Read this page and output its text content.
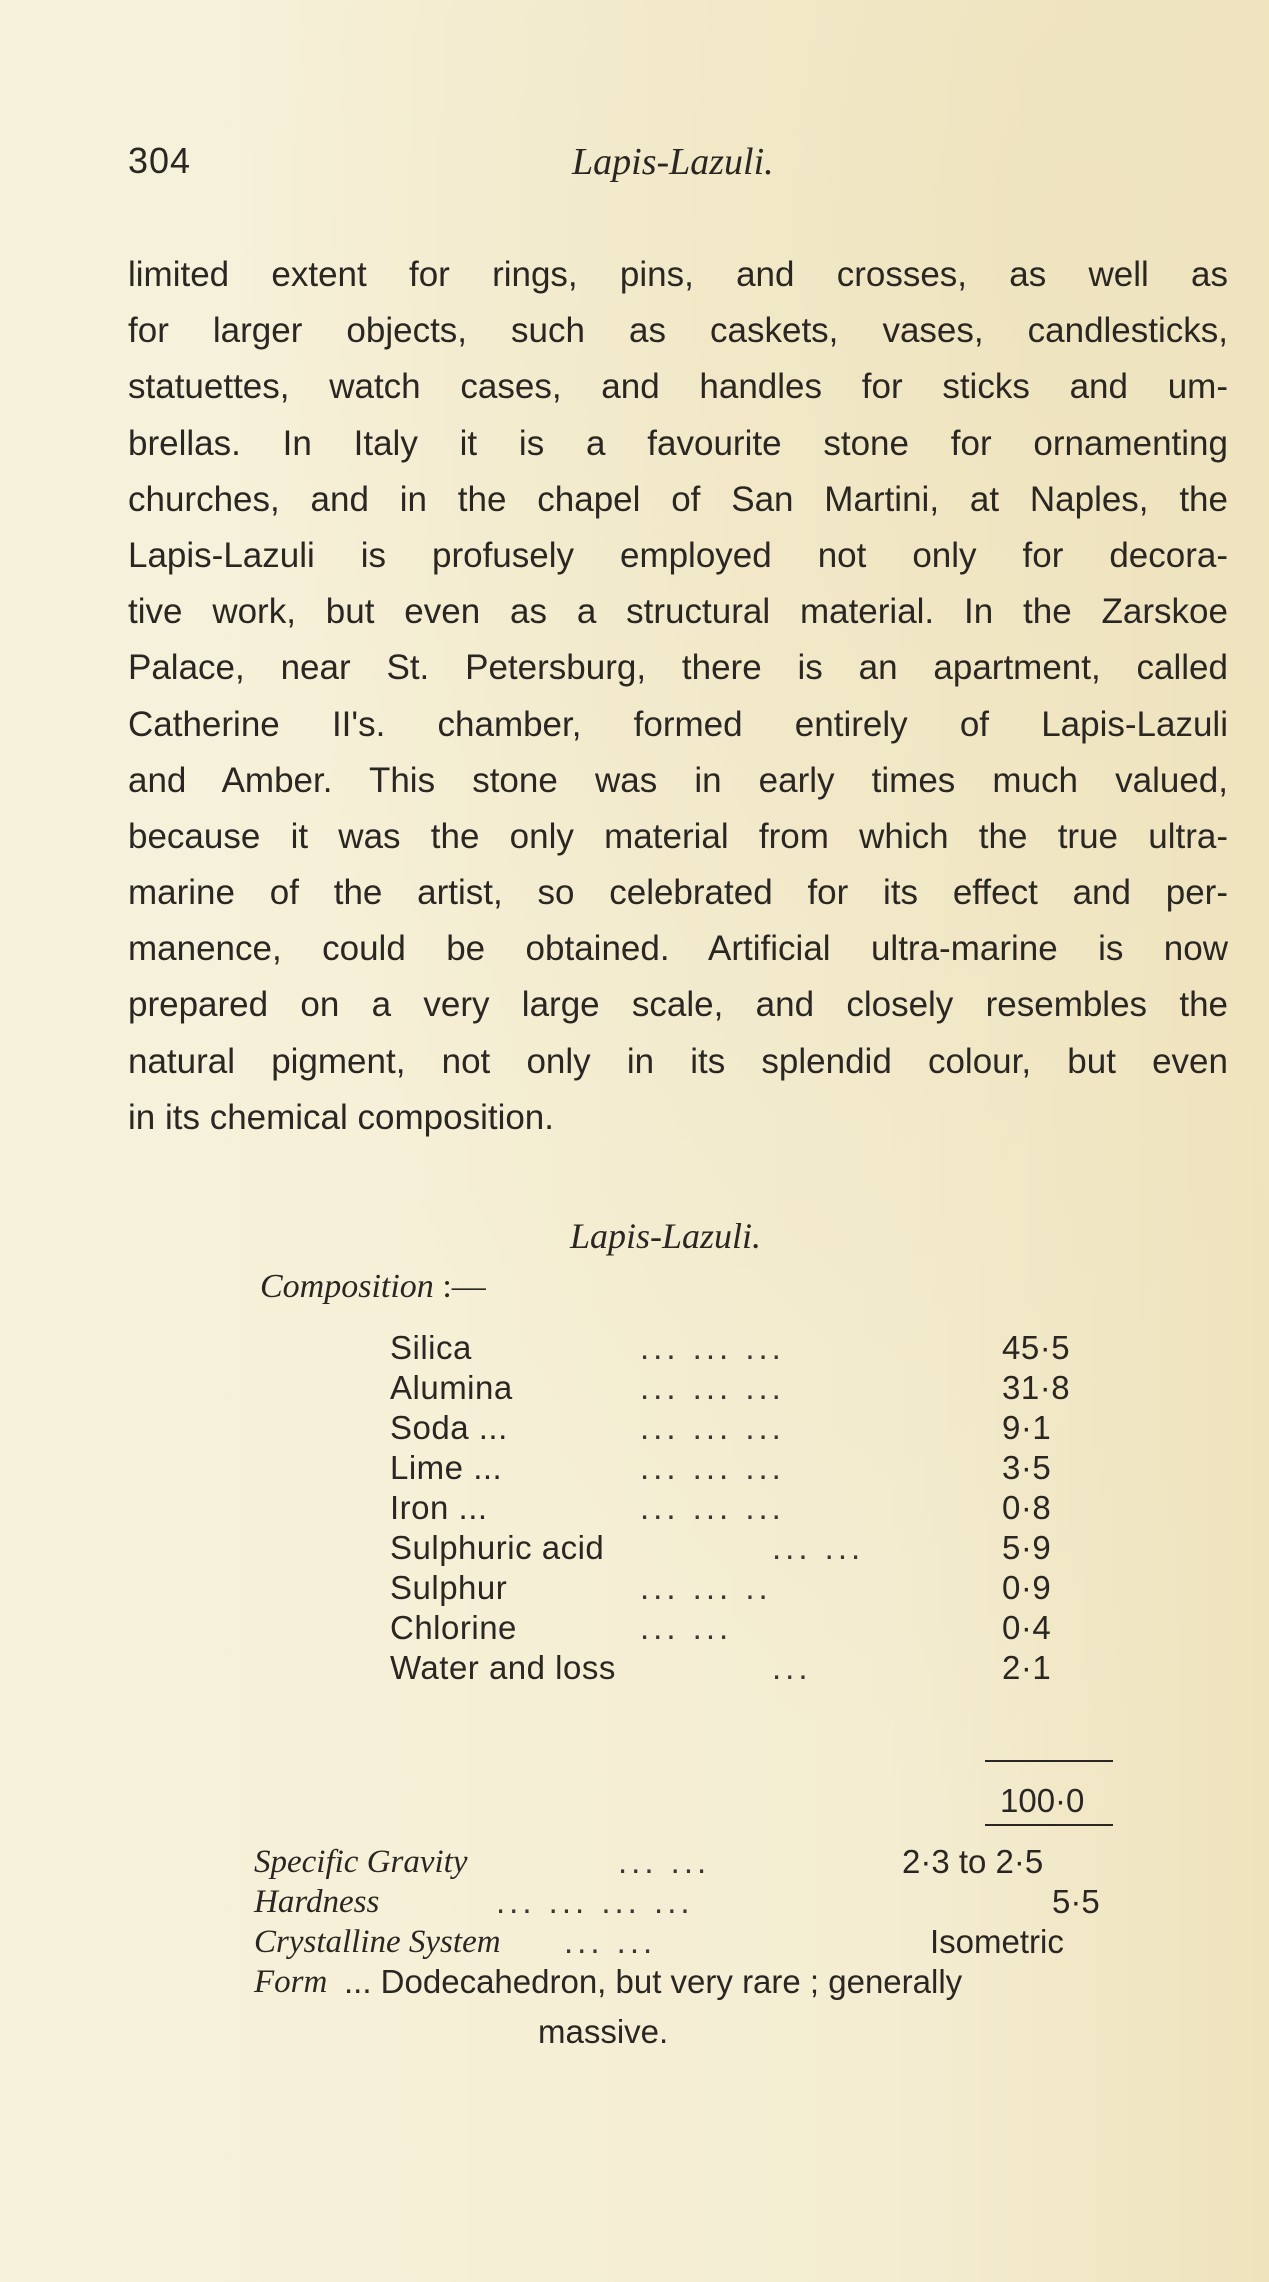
304	Lapis-Lazuli.
limited extent for rings, pins, and crosses, as well as
for larger objects, such as caskets, vases, candlesticks,
statuettes, watch cases, and handles for sticks and um-
brellas. In Italy it is a favourite stone for ornamenting
churches, and in the chapel of San Martini, at Naples, the
Lapis-Lazuli is profusely employed not only for decora-
tive work, but even as a structural material. In the Zarskoe
Palace, near St. Petersburg, there is an apartment, called
Catherine II's. chamber, formed entirely of Lapis-Lazuli
and Amber. This stone was in early times much valued,
because it was the only material from which the true ultra-
marine of the artist, so celebrated for its effect and per-
manence, could be obtained. Artificial ultra-marine is now
prepared on a very large scale, and closely resembles the
natural pigment, not only in its splendid colour, but even
in its chemical composition.
Lapis-Lazuli.
Composition :—
Silica	... ... ...	45·5
Alumina	... ... ...	31·8
Soda ...	... ... ...	9·1
Lime ...	... ... ...	3·5
Iron ...	... ... ...	0·8
Sulphuric acid	... ...	5·9
Sulphur	... ... ..	0·9
Chlorine	... ...	0·4
Water and loss	...	2·1
100·0
Specific Gravity	... ...	2·3 to 2·5
Hardness	... ... ... ...	5·5
Crystalline System ... ...	Isometric
Form ... Dodecahedron, but very rare ; generally
massive.
